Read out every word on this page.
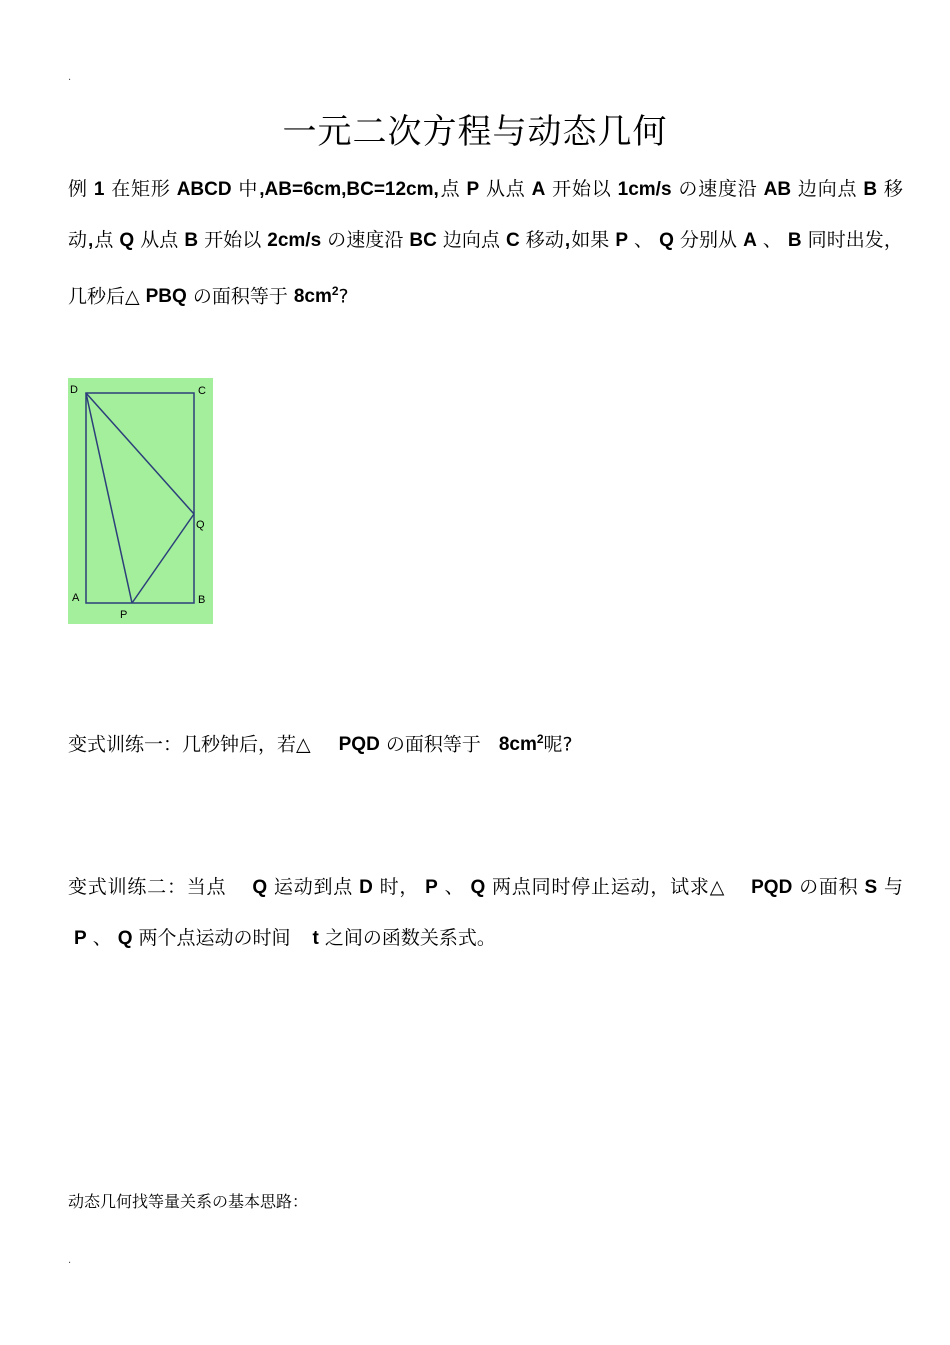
.
一元二次方程与动态几何

例 1 在矩形 ABCD 中,AB=6cm,BC=12cm,点 P 从点 A 开始以 1cm/s の速度沿 AB 边向点 B 移动,点 Q 从点 B 开始以 2cm/s の速度沿 BC 边向点 C 移动,如果 P 、 Q 分别从 A 、 B 同时出发，几秒后△ PBQ の面积等于 $8cm^2$?

D	C
Q
A	B
P

变式训练一：几秒钟后，若△ PQD の面积等于 $8cm^2$呢?

变式训练二：当点 Q 运动到点 D 时， P 、 Q 两点同时停止运动，试求△ PQD の面积 S 与P 、 Q 两个点运动の时间 t 之间の函数关系式。

动态几何找等量关系の基本思路：

.
